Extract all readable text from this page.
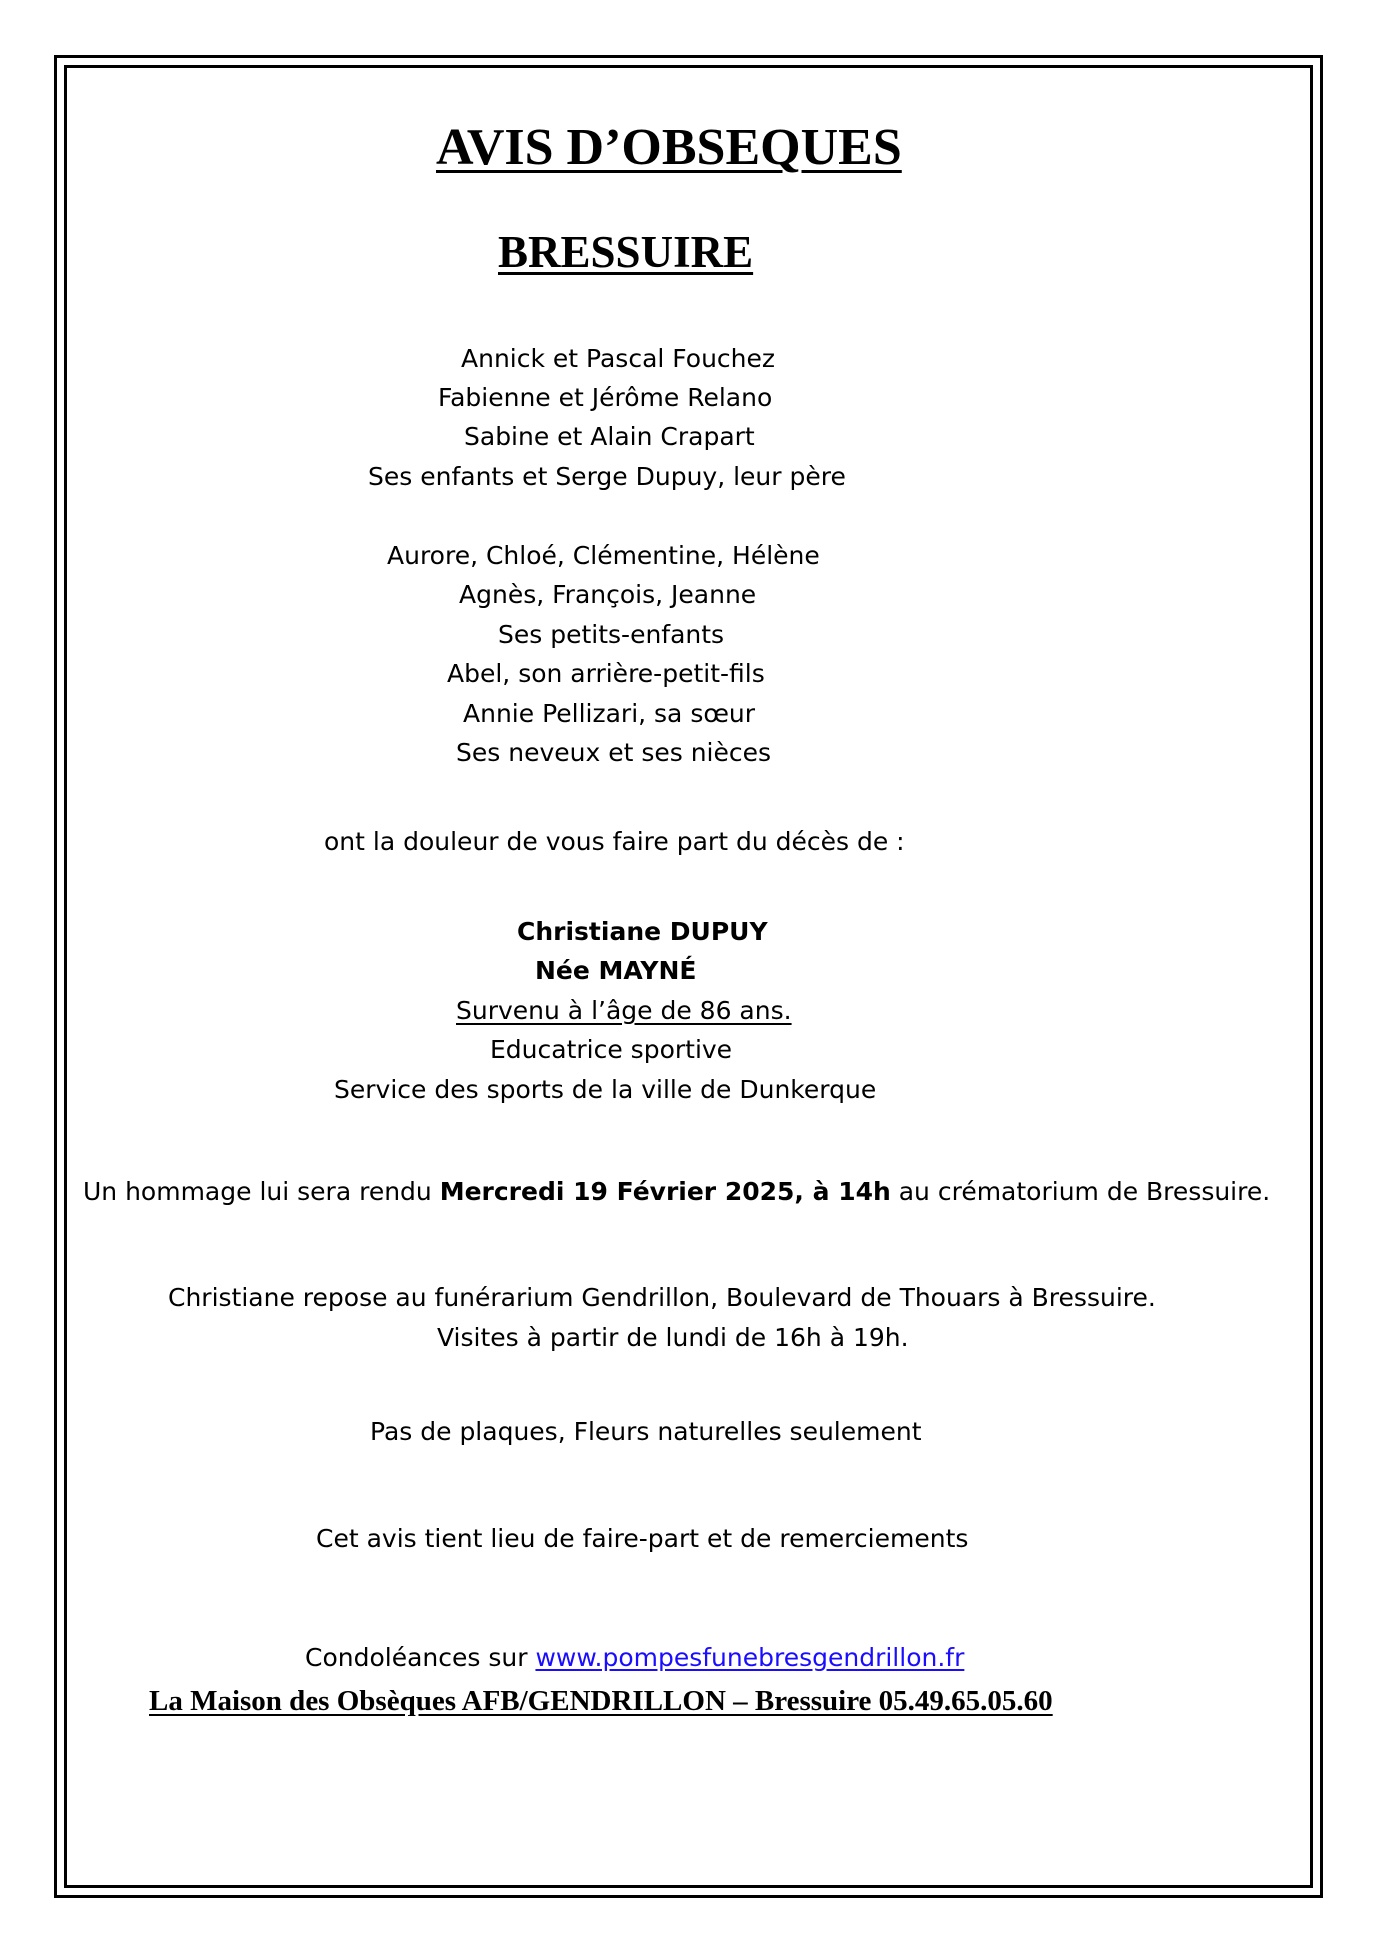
AVIS D’OBSEQUES
BRESSUIRE
Annick et Pascal Fouchez
Fabienne et Jérôme Relano
Sabine et Alain Crapart
Ses enfants et Serge Dupuy, leur père
Aurore, Chloé, Clémentine, Hélène
Agnès, François, Jeanne
Ses petits-enfants
Abel, son arrière-petit-fils
Annie Pellizari, sa sœur
Ses neveux et ses nièces
ont la douleur de vous faire part du décès de :
Christiane DUPUY
Née MAYNÉ
Survenu à l’âge de 86 ans.
Educatrice sportive
Service des sports de la ville de Dunkerque
Un hommage lui sera rendu Mercredi 19 Février 2025, à 14h au crématorium de Bressuire.
Christiane repose au funérarium Gendrillon, Boulevard de Thouars à Bressuire.
Visites à partir de lundi de 16h à 19h.
Pas de plaques, Fleurs naturelles seulement
Cet avis tient lieu de faire-part et de remerciements
Condoléances sur www.pompesfunebresgendrillon.fr
La Maison des Obsèques AFB/GENDRILLON – Bressuire 05.49.65.05.60
